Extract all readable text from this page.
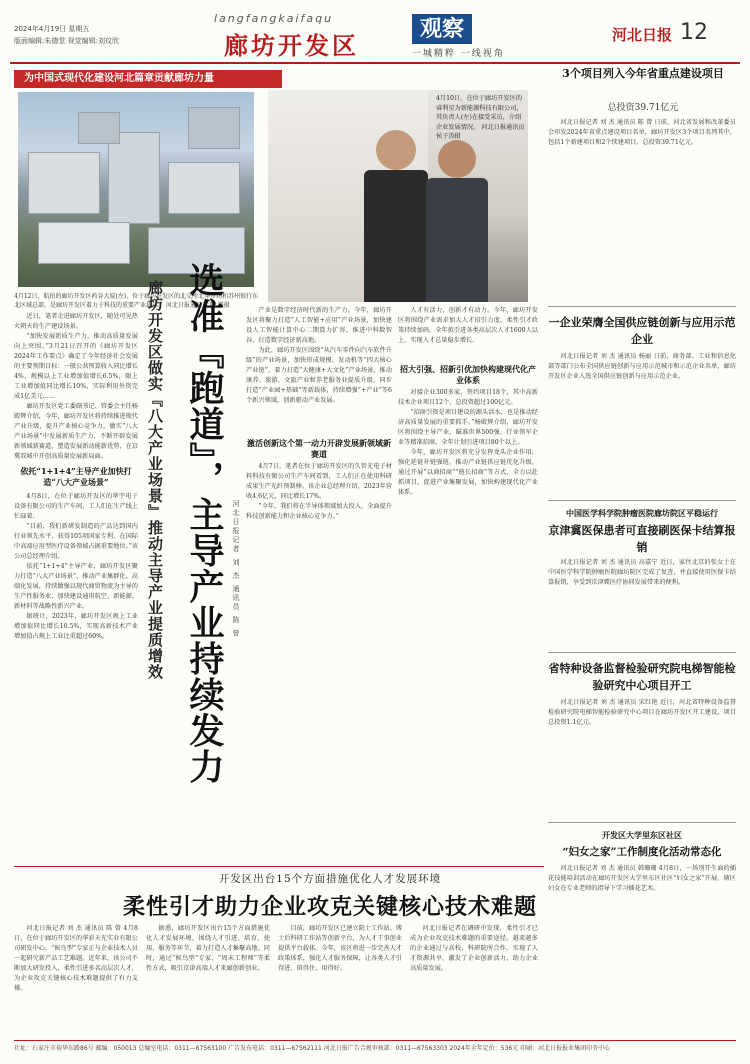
2024年4月19日 星期五
版面编辑:朱德堂 视觉编辑:刘玟欣
langfangkaifaqu
廊坊开发区
观察
一城精粹 一线视角
河北日报 12
为中国式现代化建设河北篇章贡献廊坊力量
4月12日，航拍的廊坊开发区药谷大厦(左)、位于廊坊开发区的北交所北华市场和苏州银行东北区域总部，是廊坊开发区着力于科技的重要产业载体。 河北日报通讯员 陈 谦摄
4月10日，在位于廊坊开发区的睿利星为新能源科技有限公司，其负责人(左)在接受采访，介绍企业发展情况。 河北日报通讯员 侯子涛摄
廊坊开发区做实『八大产业场景』推动主导产业提质增效 选准『跑道』，主导产业持续发力	河北日报记者 刘 杰 通讯员 陈 曾

近日，笔者走进廊坊开发区，随处可见热火朝天的生产建设场景。

“加快发展新质生产力，推动高质量发展向上突围。”3月21日召开的《廊坊开发区2024年工作要点》确定了今年经济社会发展的主要预期目标：一般公共预算收入同比增长4%，规模以上工业增加值增长6.5%，限上工业增加值同比增长10%，实际利用外资完成1亿美元……

廊坊开发区党工委副书记、管委会主任杨殿辉介绍，今年，廊坊开发区将持续推进现代产业升级，提升产业核心竞争力，做实“八大产业场景”中发展新质生产力，不断开辟发展新领域新赛道，塑造发展新动能新优势，在京冀双城中开创高质量发展新局面。

依托“1+1+4”主导产业加快打造“八大产业场景”

4月8日，在位于廊坊开发区的华宇电子设备有限公司的生产车间，工人们在生产线上忙碌着。

“目前，我们新研发制造的产品达到国内行业领先水平，获得105项国家专利，在国际中高端应用型医疗设备领域占据重要地位。”该公司总经理介绍。

依托“1+1+4”主导产业，廊坊开发区聚力打造“八大产业场景”，推动产业集群化、高端化发展，持续做强以现代商贸物流为主导的生产性服务业，加快建设通用航空、新能源、新材料等战略性新兴产业。

据统计，2023年，廊坊开发区规上工业增加值同比增长10.5%，实现高新技术产业增加值占规上工业比重超过60%。

产业是数字经济时代新的生产力。今年，廊坊开发区将聚力打造“人工智能+应用”产业场景，加快建设人工智能计算中心二期算力扩容，推进中科数智谷，打造数字经济新高地。

为此，廊坊开发区围绕“从汽车零件向汽车软件升级”的产业场景，加快形成规模、发动机等“四大核心产业链”，着力打造“大健康+大文化”产业场景，推动康养、旅游、文旅产业和养老服务业提质升级，同步打造“产业园+基础”等新载体，持续增强“+产业”等6个新兴领域，创新驱动产业发展。

激活创新这个第一动力开辟发展新领域新赛道

4月7日，笔者在位于廊坊开发区的久智光电子材料科技有限公司生产车间看到，工人们正在使用科研成果生产光纤预制棒。该企业总经理介绍，2023年营收4.6亿元，同比增长17%。

“今年，我们将在半导体领域加大投入，全面提升科技创新能力和企业核心竞争力。”

人才有活力，创新才有动力。今年，廊坊开发区将围绕产业需求加大人才招引力度，柔性引才政策持续加码，全年拟引进各类高层次人才1600人以上，实现入才总量稳步增长。

招大引强、招新引优加快构建现代化产业体系

对接企业300多家，签约项目18个，其中高新技术企业项目12个，总投资超过100亿元。

“招商引资是项目建设的源头活水，也是推动经济高质量发展的重要抓手。”杨殿辉介绍，廊坊开发区将围绕主导产业，瞄准世界500强、行业领军企业等精准招商，全年计划引进项目80个以上。

今年，廊坊开发区将充分发挥龙头企业作用，强化延链补链强链，推动产业链供应链优化升级。通过开展“以商招商”“链长招商”等方式，全力以赴抓项目，促进产业集聚发展，加快构建现代化产业体系。

3个项目列入今年省重点建设项目
总投资39.71亿元

河北日报记者 刘 杰 通讯员 陈 曾 日前，河北省发展和改革委员会印发2024年省重点建设项目名单，廊坊开发区3个项目名列其中，包括1个新建项目和2个续建项目，总投资39.71亿元。

一企业荣膺全国供应链创新与应用示范企业

河北日报记者 刘 杰 通讯员 杨丽 日前，商务部、工业和信息化部等部门公布全国供应链创新与应用示范城市和示范企业名单，廊坊开发区企业入选全国供应链创新与应用示范企业。

中国医学科学院肿瘤医院廊坊院区平稳运行
京津冀医保患者可直接刷医保卡结算报销

河北日报记者 刘 杰 通讯员 高嘉宁 近日，家住北京的张女士在中国医学科学院肿瘤医院廊坊院区完成了复查，并直接使用医保卡结算报销，享受到京津冀医疗协同发展带来的便利。

省特种设备监督检验研究院电梯智能检验研究中心项目开工

河北日报记者 刘 杰 通讯员 宋红艳 近日，河北省特种设备监督检验研究院电梯智能检验研究中心项目在廊坊开发区开工建设，项目总投资1.1亿元。

开发区大学里东区社区
“妇女之家”工作制度化活动常态化

河北日报记者 刘 杰 通讯员 韩珊珊 4月8日，一场别开生面的插花技能培训活动在廊坊开发区大学里东区社区“妇女之家”开展，辖区妇女在专业老师的指导下学习插花艺术。

开发区出台15个方面措施优化人才发展环境
柔性引才助力企业攻克关键核心技术难题

河北日报记者 刘 杰 通讯员 陈 曾 4月8日，在位于廊坊开发区的华彩天光实业有限公司研发中心，“候鸟型”专家正与企业技术人员一起研究新产品工艺难题。近年来，该公司不断加大研发投入，柔性引进多名高层次人才，为企业攻克关键核心技术难题提供了有力支撑。

据悉，廊坊开发区出台15个方面措施优化人才发展环境，围绕人才引进、培育、使用、服务等环节，着力打造人才集聚高地。同时，通过“候鸟型”专家、“周末工程师”等柔性方式，吸引京津高端人才来廊创新创业。

目前，廊坊开发区已建立院士工作站、博士后科研工作站等创新平台，为人才干事创业提供平台载体。今年，该区将进一步完善人才政策体系，强化人才服务保障，让各类人才引得进、留得住、用得好。

河北日报记者在调研中发现，柔性引才已成为企业攻克技术难题的重要途径。越来越多的企业通过与高校、科研院所合作，实现了人才资源共享，激发了企业创新活力，助力企业高质量发展。

社址：石家庄市裕华东路86号 邮编：050013 总编室电话：0311—67563100 广告发布电话：0311—67562111 河北日报广告合规审核部：0311—67563303 2024年全年定价：536元 印刷：河北日报报业集团印务中心
